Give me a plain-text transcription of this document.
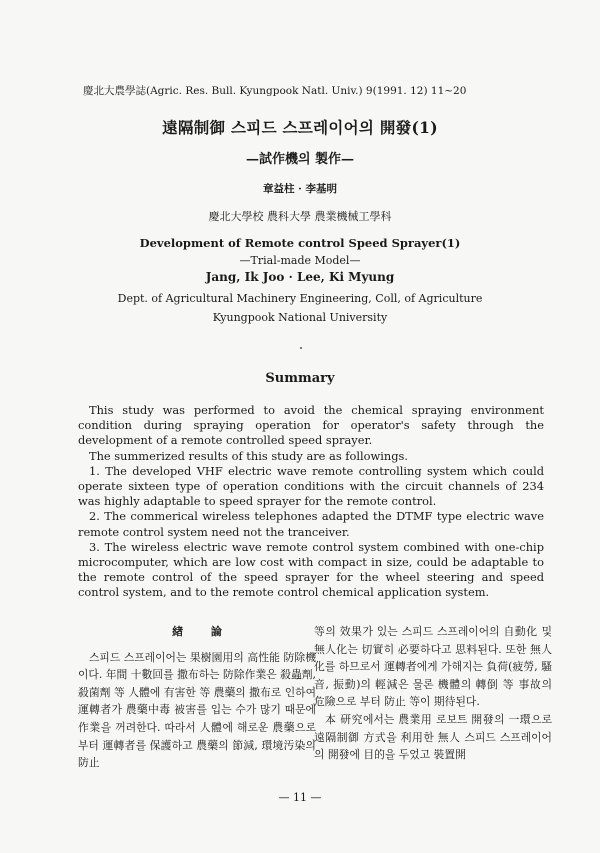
慶北大農學誌(Agric. Res. Bull. Kyungpook Natl. Univ.) 9(1991. 12) 11~20
遠隔制御 스피드 스프레이어의 開發(1)
—試作機의 製作—
章益柱 · 李基明
慶北大學校 農科大學 農業機械工學科
Development of Remote control Speed Sprayer(1)
—Trial-made Model—
Jang, Ik Joo · Lee, Ki Myung
Dept. of Agricultural Machinery Engineering, Coll, of Agriculture
Kyungpook National University
Summary

This study was performed to avoid the chemical spraying environment condition during spraying operation for operator's safety through the development of a remote controlled speed sprayer.

The summerized results of this study are as followings.

1. The developed VHF electric wave remote controlling system which could operate sixteen type of operation conditions with the circuit channels of 234 was highly adaptable to speed sprayer for the remote control.

2. The commerical wireless telephones adapted the DTMF type electric wave remote control system need not the tranceiver.

3. The wireless electric wave remote control system combined with one-chip microcomputer, which are low cost with compact in size, could be adaptable to the remote control of the speed sprayer for the wheel steering and speed control system, and to the remote control chemical application system.

緖 論

스피드 스프레이어는 果樹園用의 高性能 防除機 이다. 年間 十數回를 撒布하는 防除作業은 殺蟲劑, 殺菌劑 等 人體에 有害한 等 農藥의 撒布로 인하여 運轉者가 農藥中毒 被害를 입는 수가 많기 때문에 作業을 꺼려한다. 따라서 人體에 해로운 農藥으로부터 運轉者를 保護하고 農藥의 節減, 環境汚染의 防止

等의 效果가 있는 스피드 스프레이어의 自動化 및 無人化는 切實히 必要하다고 思料된다. 또한 無人化를 하므로서 運轉者에게 가해지는 負荷(疲勞, 騷音, 振動)의 輕減은 물론 機體의 轉倒 等 事故의 危險으로 부터 防止 等이 期待된다.

本 研究에서는 農業用 로보트 開發의 一環으로 遠隔制御 方式을 利用한 無人 스피드 스프레이어의 開發에 目的을 두었고 裝置開

— 11 —
